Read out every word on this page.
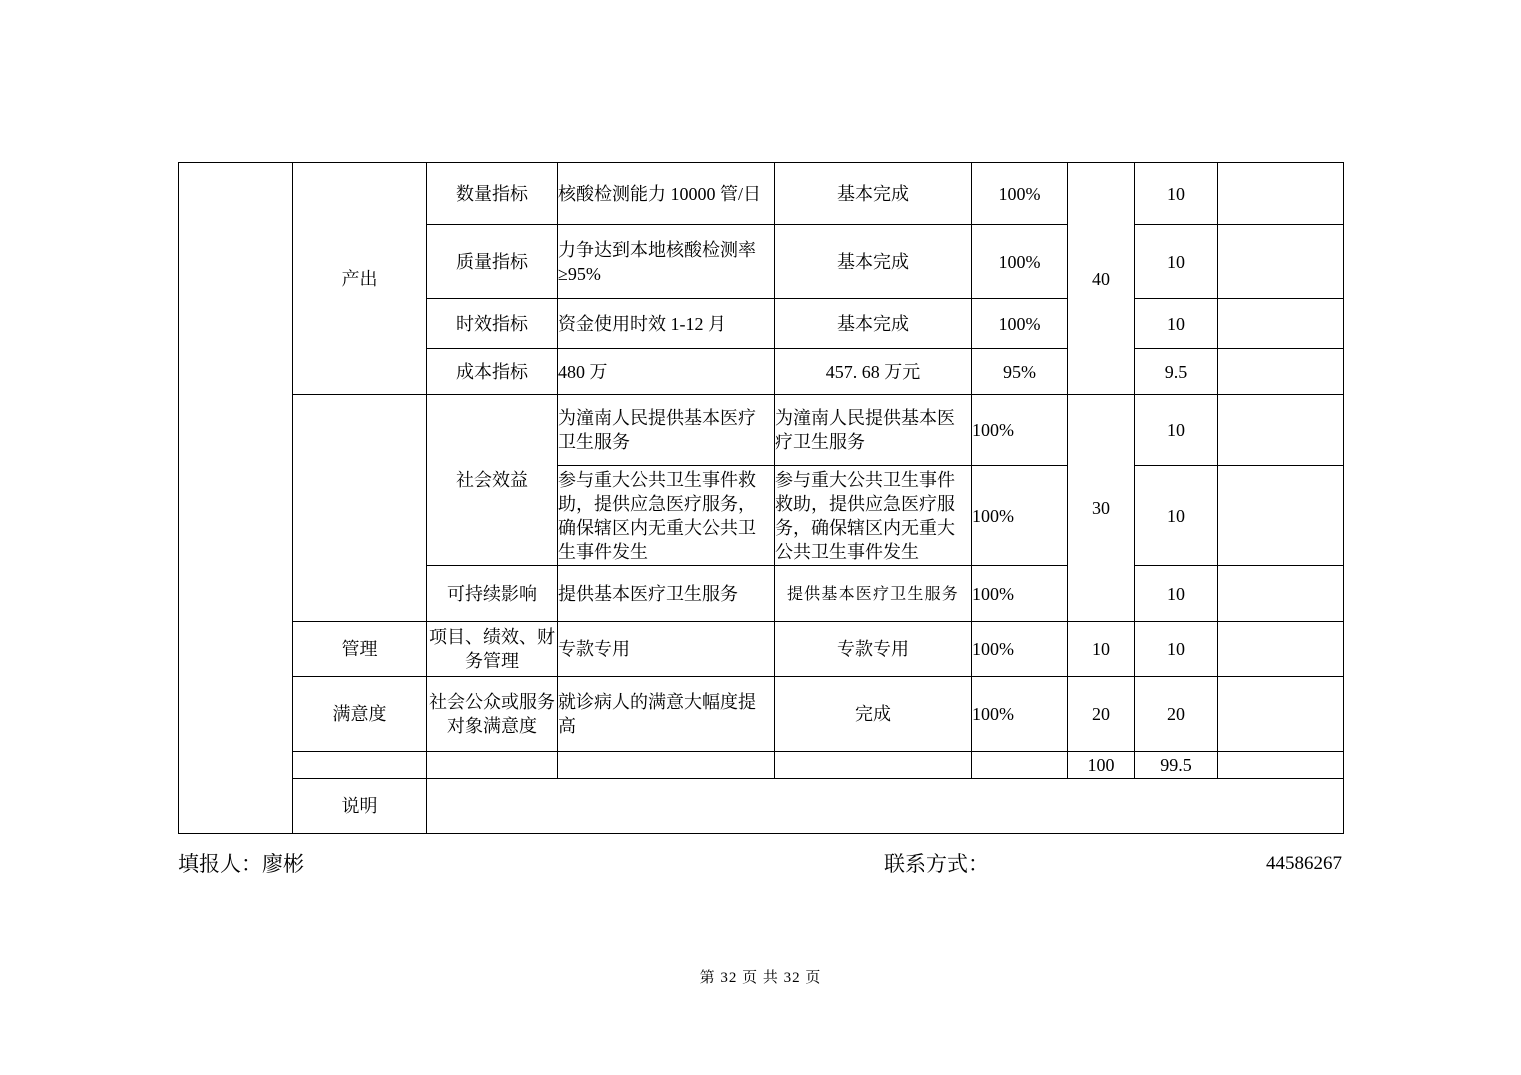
	产出	数量指标	核酸检测能力 10000 管/日	基本完成	100%	40	10	
		质量指标	力争达到本地核酸检测率≥95%	基本完成	100%		10	
		时效指标	资金使用时效 1-12 月	基本完成	100%		10	
		成本指标	480 万	457. 68 万元	95%		9.5	
		社会效益	为潼南人民提供基本医疗卫生服务	为潼南人民提供基本医疗卫生服务	100%	30	10	
			参与重大公共卫生事件救助，提供应急医疗服务，确保辖区内无重大公共卫生事件发生	参与重大公共卫生事件救助，提供应急医疗服务，确保辖区内无重大公共卫生事件发生	100%		10	
		可持续影响	提供基本医疗卫生服务	提供基本医疗卫生服务	100%		10	
	管理	项目、绩效、财务管理	专款专用	专款专用	100%	10	10	
	满意度	社会公众或服务对象满意度	就诊病人的满意大幅度提高	完成	100%	20	20	
						100	99.5	
	说明							
填报人：廖彬	联系方式：	44586267
第 32 页 共 32 页
